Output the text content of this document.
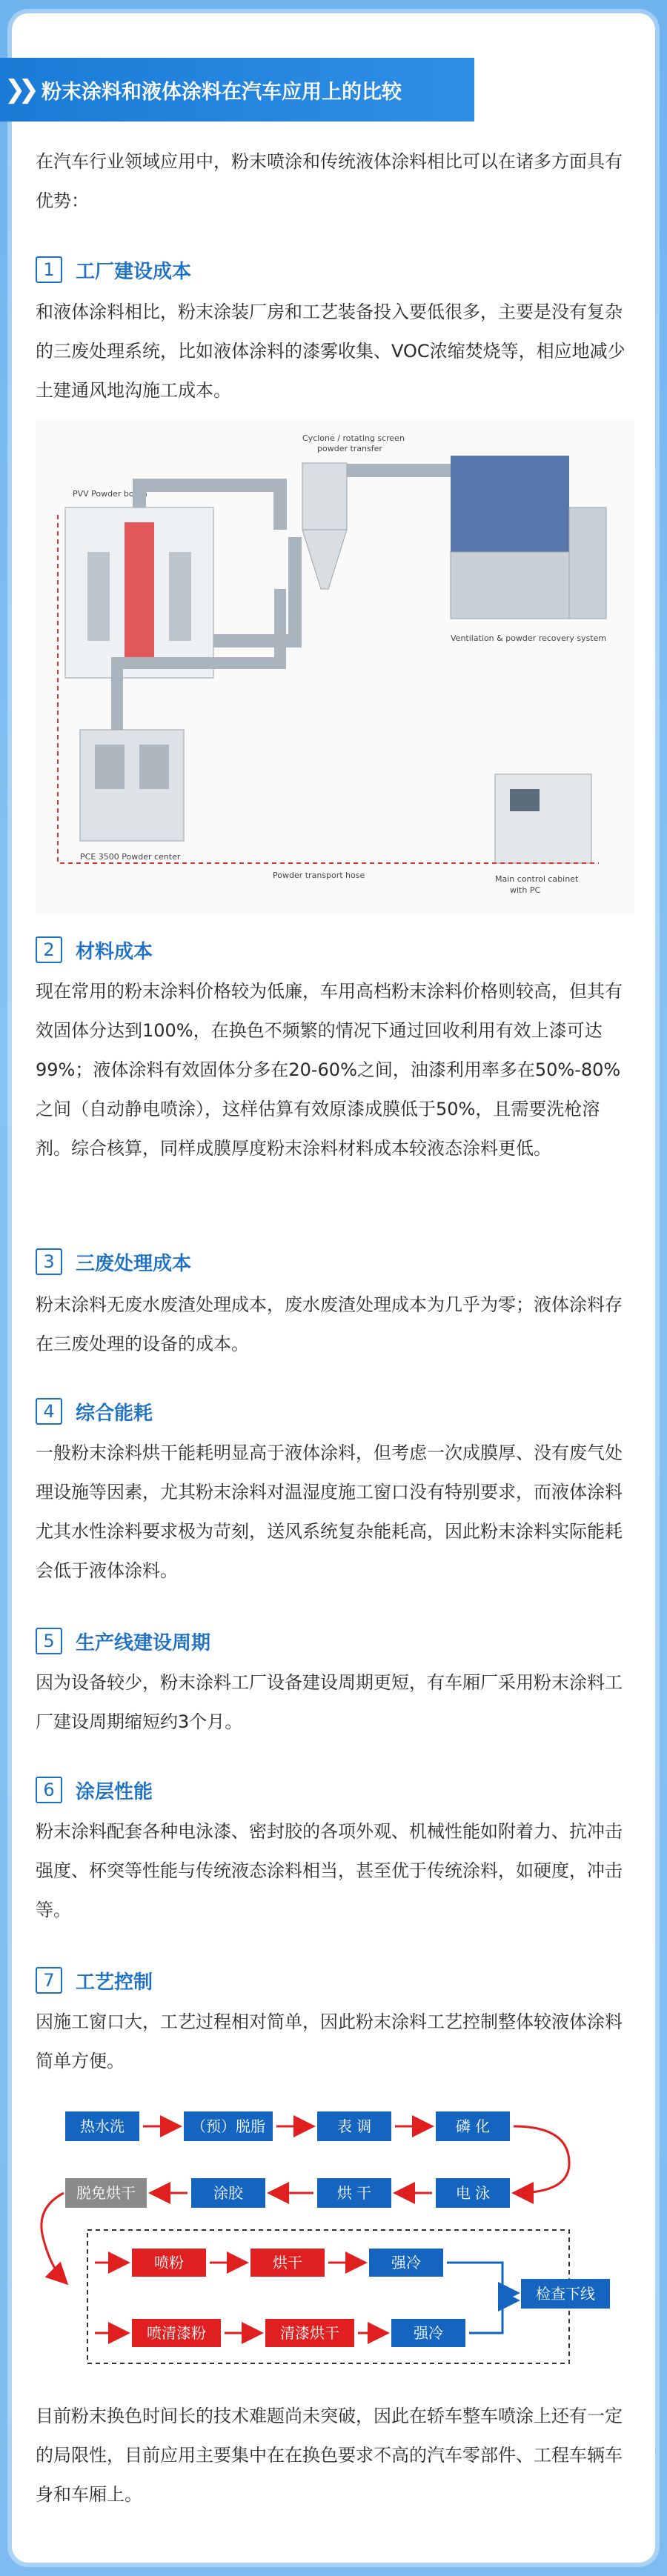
❯❯ 粉末涂料和液体涂料在汽车应用上的比较

在汽车行业领域应用中，粉末喷涂和传统液体涂料相比可以在诸多方面具有优势：

1	工厂建设成本

和液体涂料相比，粉末涂装厂房和工艺装备投入要低很多，主要是没有复杂的三废处理系统，比如液体涂料的漆雾收集、VOC浓缩焚烧等，相应地减少土建通风地沟施工成本。

PVV Powder booth
Cyclone / rotating screen
powder transfer
Ventilation & powder recovery system
PCE 3500 Powder center
Main control cabinet
with PC
Powder transport hose
2	材料成本

现在常用的粉末涂料价格较为低廉，车用高档粉末涂料价格则较高，但其有效固体分达到100%，在换色不频繁的情况下通过回收利用有效上漆可达99%；液体涂料有效固体分多在20-60%之间，油漆利用率多在50%-80%之间（自动静电喷涂），这样估算有效原漆成膜低于50%，且需要洗枪溶剂。综合核算，同样成膜厚度粉末涂料材料成本较液态涂料更低。

3	三废处理成本

粉末涂料无废水废渣处理成本，废水废渣处理成本为几乎为零；液体涂料存在三废处理的设备的成本。

4	综合能耗

一般粉末涂料烘干能耗明显高于液体涂料，但考虑一次成膜厚、没有废气处理设施等因素，尤其粉末涂料对温湿度施工窗口没有特别要求，而液体涂料尤其水性涂料要求极为苛刻，送风系统复杂能耗高，因此粉末涂料实际能耗会低于液体涂料。

5	生产线建设周期

因为设备较少，粉末涂料工厂设备建设周期更短，有车厢厂采用粉末涂料工厂建设周期缩短约3个月。

6	涂层性能

粉末涂料配套各种电泳漆、密封胶的各项外观、机械性能如附着力、抗冲击强度、杯突等性能与传统液态涂料相当，甚至优于传统涂料，如硬度，冲击等。

7	工艺控制

因施工窗口大，工艺过程相对简单，因此粉末涂料工艺控制整体较液体涂料简单方便。

热水洗	（预）脱脂	表 调	磷 化
脱免烘干	涂胶	烘 干	电 泳
喷粉	烘干	强冷
检查下线
喷清漆粉	清漆烘干	强冷

目前粉末换色时间长的技术难题尚未突破，因此在轿车整车喷涂上还有一定的局限性，目前应用主要集中在在换色要求不高的汽车零部件、工程车辆车身和车厢上。
